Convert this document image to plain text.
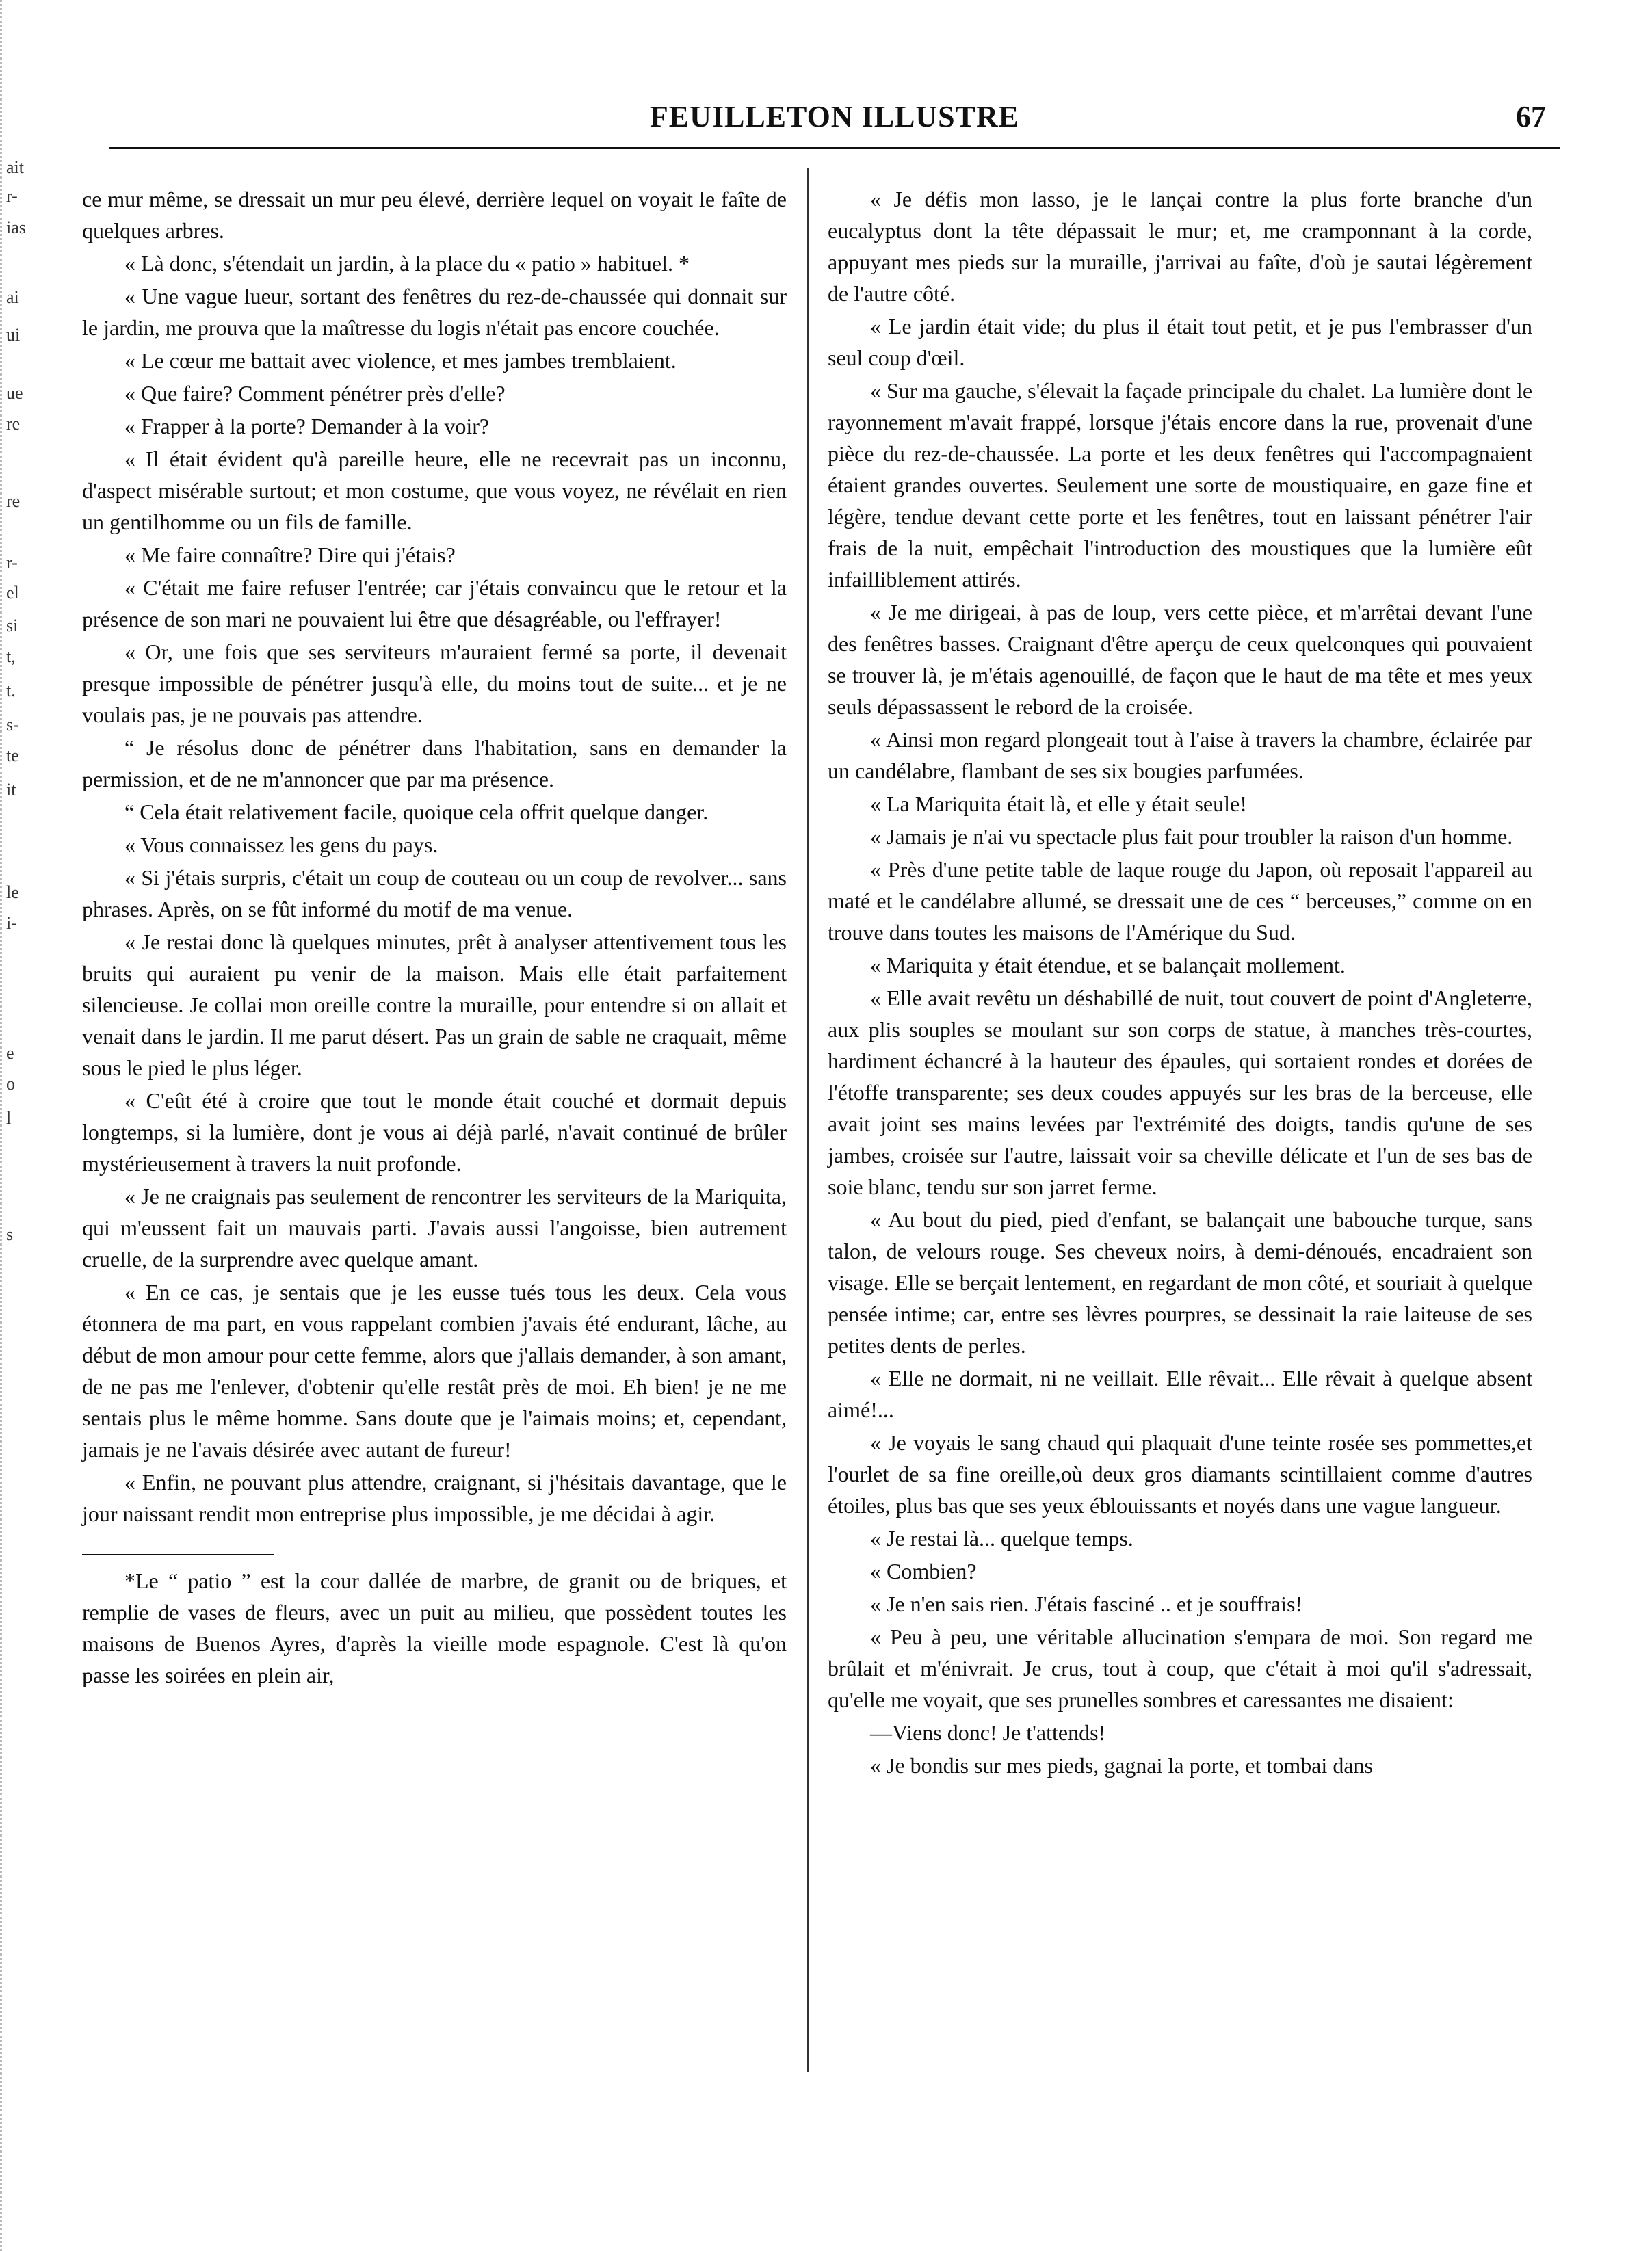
ait
r-
ias
ai
ui
ue
re
re
r-
el
si
t,
t.
s-
te
it
le
i-
e
o
l
s
FEUILLETON ILLUSTRE	67

ce mur même, se dressait un mur peu élevé, derrière lequel on voyait le faîte de quelques arbres.

« Là donc, s'étendait un jardin, à la place du « patio » habituel. *

« Une vague lueur, sortant des fenêtres du rez-de-chaussée qui donnait sur le jardin, me prouva que la maîtresse du logis n'était pas encore couchée.

« Le cœur me battait avec violence, et mes jambes tremblaient.

« Que faire? Comment pénétrer près d'elle?

« Frapper à la porte? Demander à la voir?

« Il était évident qu'à pareille heure, elle ne recevrait pas un inconnu, d'aspect misérable surtout; et mon costume, que vous voyez, ne révélait en rien un gentilhomme ou un fils de famille.

« Me faire connaître? Dire qui j'étais?

« C'était me faire refuser l'entrée; car j'étais convaincu que le retour et la présence de son mari ne pouvaient lui être que désagréable, ou l'effrayer!

« Or, une fois que ses serviteurs m'auraient fermé sa porte, il devenait presque impossible de pénétrer jusqu'à elle, du moins tout de suite... et je ne voulais pas, je ne pouvais pas attendre.

“ Je résolus donc de pénétrer dans l'habitation, sans en demander la permission, et de ne m'annoncer que par ma présence.

“ Cela était relativement facile, quoique cela offrit quelque danger.

« Vous connaissez les gens du pays.

« Si j'étais surpris, c'était un coup de couteau ou un coup de revolver... sans phrases. Après, on se fût informé du motif de ma venue.

« Je restai donc là quelques minutes, prêt à analyser attentivement tous les bruits qui auraient pu venir de la maison. Mais elle était parfaitement silencieuse. Je collai mon oreille contre la muraille, pour entendre si on allait et venait dans le jardin. Il me parut désert. Pas un grain de sable ne craquait, même sous le pied le plus léger.

« C'eût été à croire que tout le monde était couché et dormait depuis longtemps, si la lumière, dont je vous ai déjà parlé, n'avait continué de brûler mystérieusement à travers la nuit profonde.

« Je ne craignais pas seulement de rencontrer les serviteurs de la Mariquita, qui m'eussent fait un mauvais parti. J'avais aussi l'angoisse, bien autrement cruelle, de la surprendre avec quelque amant.

« En ce cas, je sentais que je les eusse tués tous les deux. Cela vous étonnera de ma part, en vous rappelant combien j'avais été endurant, lâche, au début de mon amour pour cette femme, alors que j'allais demander, à son amant, de ne pas me l'enlever, d'obtenir qu'elle restât près de moi. Eh bien! je ne me sentais plus le même homme. Sans doute que je l'aimais moins; et, cependant, jamais je ne l'avais désirée avec autant de fureur!

« Enfin, ne pouvant plus attendre, craignant, si j'hésitais davantage, que le jour naissant rendit mon entreprise plus impossible, je me décidai à agir.

*Le “ patio ” est la cour dallée de marbre, de granit ou de briques, et remplie de vases de fleurs, avec un puit au milieu, que possèdent toutes les maisons de Buenos Ayres, d'après la vieille mode espagnole. C'est là qu'on passe les soirées en plein air,

« Je défis mon lasso, je le lançai contre la plus forte branche d'un eucalyptus dont la tête dépassait le mur; et, me cramponnant à la corde, appuyant mes pieds sur la muraille, j'arrivai au faîte, d'où je sautai légèrement de l'autre côté.

« Le jardin était vide; du plus il était tout petit, et je pus l'embrasser d'un seul coup d'œil.

« Sur ma gauche, s'élevait la façade principale du chalet. La lumière dont le rayonnement m'avait frappé, lorsque j'étais encore dans la rue, provenait d'une pièce du rez-de-chaussée. La porte et les deux fenêtres qui l'accompagnaient étaient grandes ouvertes. Seulement une sorte de moustiquaire, en gaze fine et légère, tendue devant cette porte et les fenêtres, tout en laissant pénétrer l'air frais de la nuit, empêchait l'introduction des moustiques que la lumière eût infailliblement attirés.

« Je me dirigeai, à pas de loup, vers cette pièce, et m'arrêtai devant l'une des fenêtres basses. Craignant d'être aperçu de ceux quelconques qui pouvaient se trouver là, je m'étais agenouillé, de façon que le haut de ma tête et mes yeux seuls dépassassent le rebord de la croisée.

« Ainsi mon regard plongeait tout à l'aise à travers la chambre, éclairée par un candélabre, flambant de ses six bougies parfumées.

« La Mariquita était là, et elle y était seule!

« Jamais je n'ai vu spectacle plus fait pour troubler la raison d'un homme.

« Près d'une petite table de laque rouge du Japon, où reposait l'appareil au maté et le candélabre allumé, se dressait une de ces “ berceuses,” comme on en trouve dans toutes les maisons de l'Amérique du Sud.

« Mariquita y était étendue, et se balançait mollement.

« Elle avait revêtu un déshabillé de nuit, tout couvert de point d'Angleterre, aux plis souples se moulant sur son corps de statue, à manches très-courtes, hardiment échancré à la hauteur des épaules, qui sortaient rondes et dorées de l'étoffe transparente; ses deux coudes appuyés sur les bras de la berceuse, elle avait joint ses mains levées par l'extrémité des doigts, tandis qu'une de ses jambes, croisée sur l'autre, laissait voir sa cheville délicate et l'un de ses bas de soie blanc, tendu sur son jarret ferme.

« Au bout du pied, pied d'enfant, se balançait une babouche turque, sans talon, de velours rouge. Ses cheveux noirs, à demi-dénoués, encadraient son visage. Elle se berçait lentement, en regardant de mon côté, et souriait à quelque pensée intime; car, entre ses lèvres pourpres, se dessinait la raie laiteuse de ses petites dents de perles.

« Elle ne dormait, ni ne veillait. Elle rêvait... Elle rêvait à quelque absent aimé!...

« Je voyais le sang chaud qui plaquait d'une teinte rosée ses pommettes,et l'ourlet de sa fine oreille,où deux gros diamants scintillaient comme d'autres étoiles, plus bas que ses yeux éblouissants et noyés dans une vague langueur.

« Je restai là... quelque temps.

« Combien?

« Je n'en sais rien. J'étais fasciné .. et je souffrais!

« Peu à peu, une véritable allucination s'empara de moi. Son regard me brûlait et m'énivrait. Je crus, tout à coup, que c'était à moi qu'il s'adressait, qu'elle me voyait, que ses prunelles sombres et caressantes me disaient:

—Viens donc! Je t'attends!

« Je bondis sur mes pieds, gagnai la porte, et tombai dans
